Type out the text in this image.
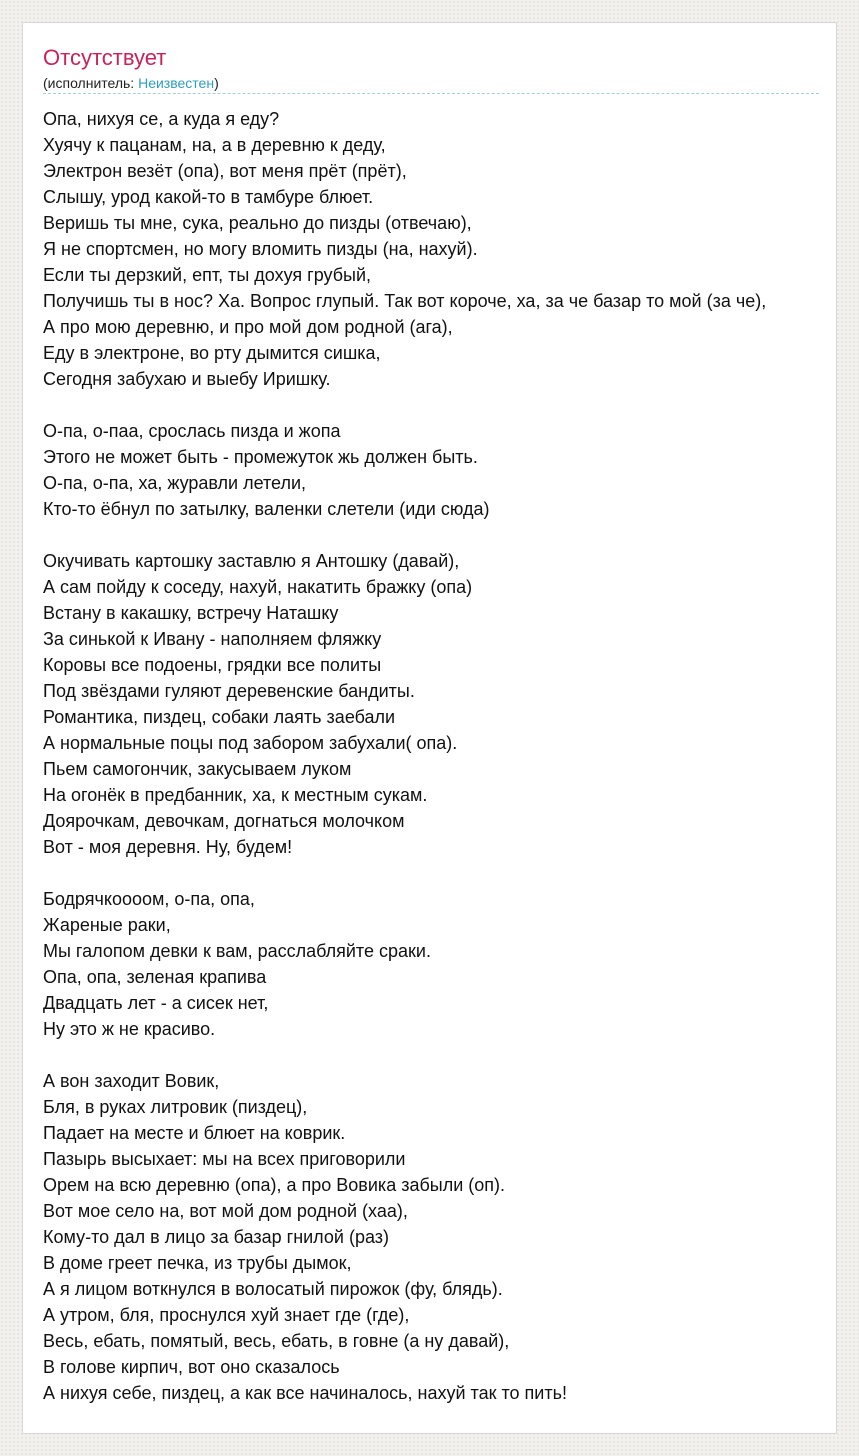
Отсутствует
(исполнитель: Неизвестен)
Опа, нихуя се, а куда я еду?
Хуячу к пацанам, на, а в деревню к деду,
Электрон везёт (опа), вот меня прёт (прёт),
Слышу, урод какой-то в тамбуре блюет.
Веришь ты мне, сука, реально до пизды (отвечаю),
Я не спортсмен, но могу вломить пизды (на, нахуй).
Если ты дерзкий, епт, ты дохуя грубый,
Получишь ты в нос? Ха. Вопрос глупый. Так вот короче, ха, за че базар то мой (за че),
А про мою деревню, и про мой дом родной (ага),
Еду в электроне, во рту дымится сишка,
Сегодня забухаю и выебу Иришку.
О-па, о-паа, срослась пизда и жопа
Этого не может быть - промежуток жь должен быть.
О-па, о-па, ха, журавли летели,
Кто-то ёбнул по затылку, валенки слетели (иди сюда)
Окучивать картошку заставлю я Антошку (давай),
А сам пойду к соседу, нахуй, накатить бражку (опа)
Встану в какашку, встречу Наташку
За синькой к Ивану - наполняем фляжку
Коровы все подоены, грядки все политы
Под звёздами гуляют деревенские бандиты.
Романтика, пиздец, собаки лаять заебали
А нормальные поцы под забором забухали( опа).
Пьем самогончик, закусываем луком
На огонёк в предбанник, ха, к местным сукам.
Доярочкам, девочкам, догнаться молочком
Вот - моя деревня. Ну, будем!
Бодрячкоооом, о-па, опа,
Жареные раки,
Мы галопом девки к вам, расслабляйте сраки.
Опа, опа, зеленая крапива
Двадцать лет - а сисек нет,
Ну это ж не красиво.
А вон заходит Вовик,
Бля, в руках литровик (пиздец),
Падает на месте и блюет на коврик.
Пазырь высыхает: мы на всех приговорили
Орем на всю деревню (опа), а про Вовика забыли (оп).
Вот мое село на, вот мой дом родной (хаа),
Кому-то дал в лицо за базар гнилой (раз)
В доме греет печка, из трубы дымок,
А я лицом воткнулся в волосатый пирожок (фу, блядь).
А утром, бля, проснулся хуй знает где (где),
Весь, ебать, помятый, весь, ебать, в говне (а ну давай),
В голове кирпич, вот оно сказалось
А нихуя себе, пиздец, а как все начиналось, нахуй так то пить!
